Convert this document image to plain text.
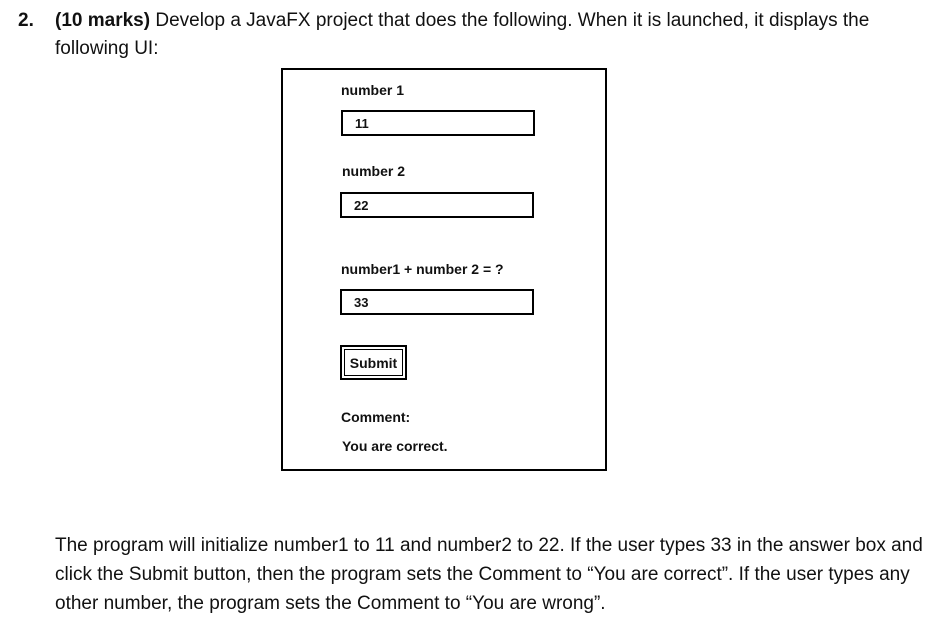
2. (10 marks) Develop a JavaFX project that does the following. When it is launched, it displays the following UI:
number 1
11
number 2
22
number1 + number 2 = ?
33
Submit
Comment:
You are correct.
The program will initialize number1 to 11 and number2 to 22. If the user types 33 in the answer box and click the Submit button, then the program sets the Comment to “You are correct”. If the user types any other number, the program sets the Comment to “You are wrong”.
